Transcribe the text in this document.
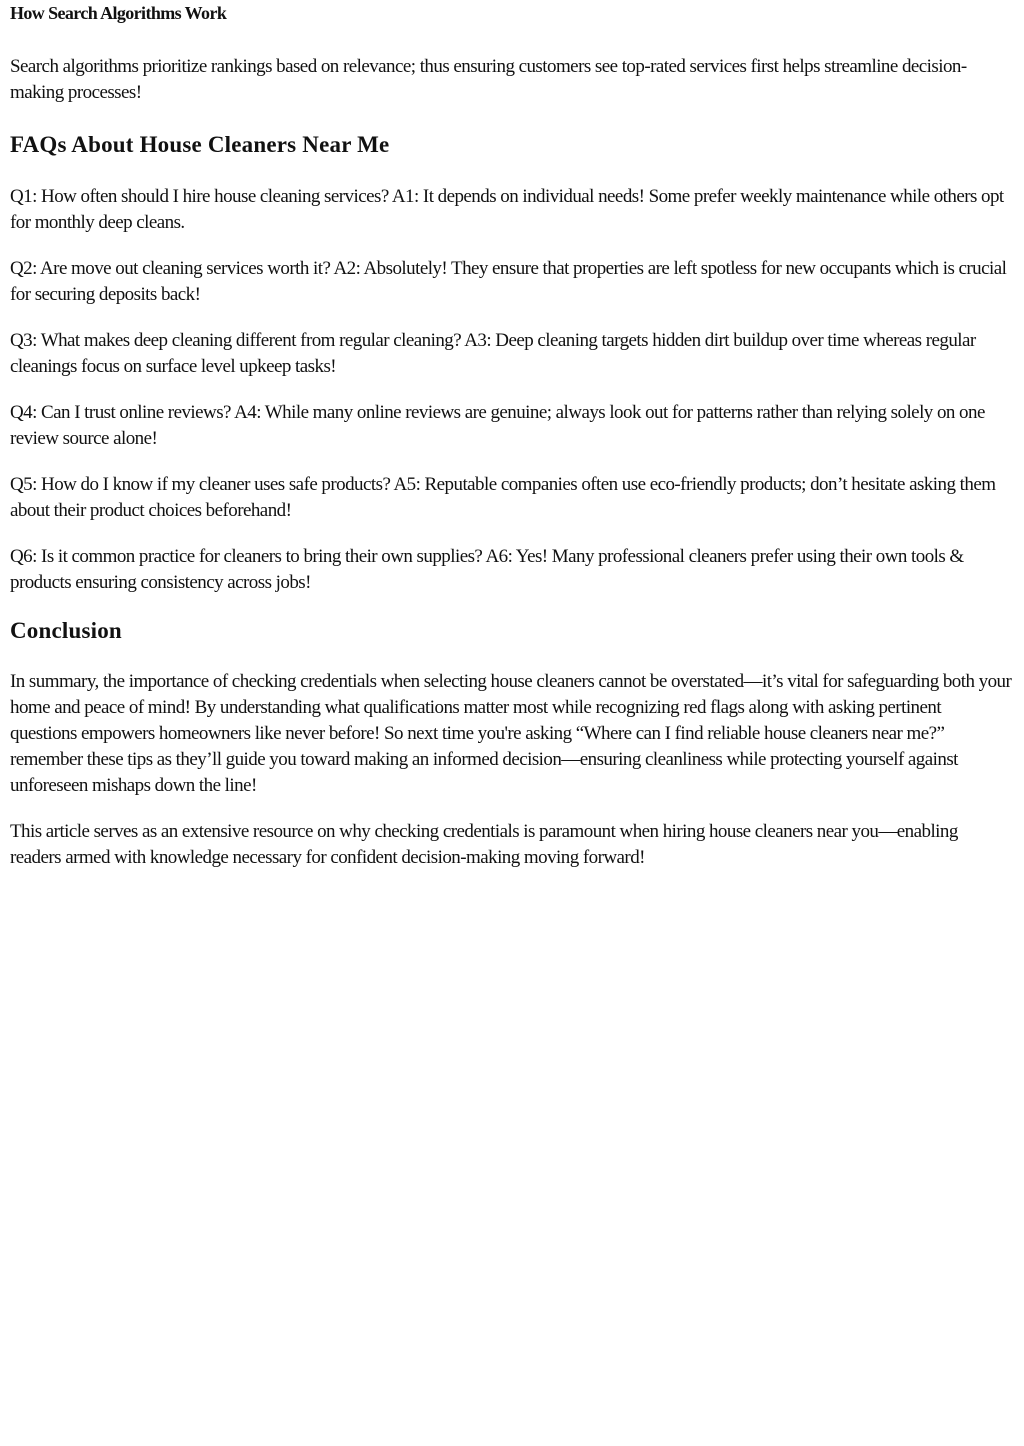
How Search Algorithms Work

Search algorithms prioritize rankings based on relevance; thus ensuring customers see top-rated services first helps streamline decision-making processes!

FAQs About House Cleaners Near Me

Q1: How often should I hire house cleaning services? A1: It depends on individual needs! Some prefer weekly maintenance while others opt for monthly deep cleans.

Q2: Are move out cleaning services worth it? A2: Absolutely! They ensure that properties are left spotless for new occupants which is crucial for securing deposits back!

Q3: What makes deep cleaning different from regular cleaning? A3: Deep cleaning targets hidden dirt buildup over time whereas regular cleanings focus on surface level upkeep tasks!

Q4: Can I trust online reviews? A4: While many online reviews are genuine; always look out for patterns rather than relying solely on one review source alone!

Q5: How do I know if my cleaner uses safe products? A5: Reputable companies often use eco-friendly products; don’t hesitate asking them about their product choices beforehand!

Q6: Is it common practice for cleaners to bring their own supplies? A6: Yes! Many professional cleaners prefer using their own tools & products ensuring consistency across jobs!

Conclusion

In summary, the importance of checking credentials when selecting house cleaners cannot be overstated—it’s vital for safeguarding both your home and peace of mind! By understanding what qualifications matter most while recognizing red flags along with asking pertinent questions empowers homeowners like never before! So next time you're asking “Where can I find reliable house cleaners near me?” remember these tips as they’ll guide you toward making an informed decision—ensuring cleanliness while protecting yourself against unforeseen mishaps down the line!

This article serves as an extensive resource on why checking credentials is paramount when hiring house cleaners near you—enabling readers armed with knowledge necessary for confident decision-making moving forward!
